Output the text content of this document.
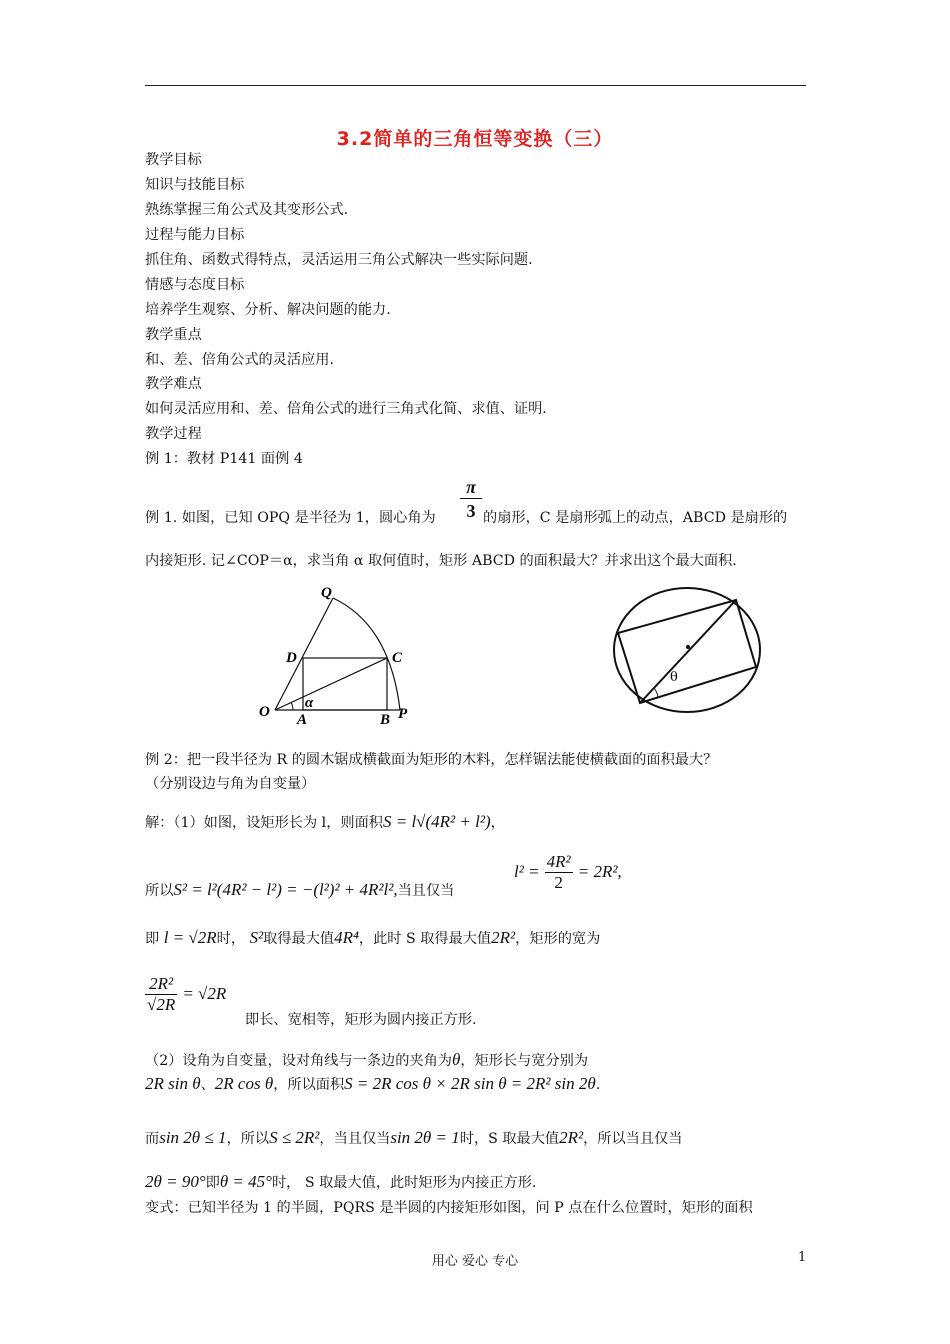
3.2简单的三角恒等变换（三）
教学目标
知识与技能目标
熟练掌握三角公式及其变形公式.
过程与能力目标
抓住角、函数式得特点，灵活运用三角公式解决一些实际问题.
情感与态度目标
培养学生观察、分析、解决问题的能力.
教学重点
和、差、倍角公式的灵活应用.
教学难点
如何灵活应用和、差、倍角公式的进行三角式化简、求值、证明.
教学过程
例 1：教材 P141 面例 4
例 1. 如图，已知 OPQ 是半径为 1，圆心角为 $\frac{\pi}{3}$ 的扇形，C 是扇形弧上的动点，ABCD 是扇形的
内接矩形. 记∠COP＝α，求当角 α 取何值时，矩形 ABCD 的面积最大？并求出这个最大面积.
Q
D	C
O A	B P
α
θ
例 2：把一段半径为 R 的圆木锯成横截面为矩形的木料，怎样锯法能使横截面的面积最大？
（分别设边与角为自变量）
解：（1）如图，设矩形长为 l，则面积S = l√(4R² + l²)，
所以S² = l²(4R² − l²) = −(l²)² + 4R²l²,当且仅当
$l^2 = \frac{\text{4R²}}{2} = 2R^2$,
即 l = √2R时， S²取得最大值4R⁴，此时 S 取得最大值2R²，矩形的宽为
$\frac{\text{2R²}}{√2R} = √2R$
即长、宽相等，矩形为圆内接正方形.
（2）设角为自变量，设对角线与一条边的夹角为θ，矩形长与宽分别为
2R sin θ、2R cos θ，所以面积S = 2R cos θ × 2R sin θ = 2R² sin 2θ.
而sin 2θ ≤ 1，所以S ≤ 2R²，当且仅当sin 2θ = 1时，S 取最大值2R²，所以当且仅当
2θ = 90°即θ = 45°时， S 取最大值，此时矩形为内接正方形.
变式：已知半径为 1 的半圆，PQRS 是半圆的内接矩形如图，问 P 点在什么位置时，矩形的面积
用心 爱心 专心	1
